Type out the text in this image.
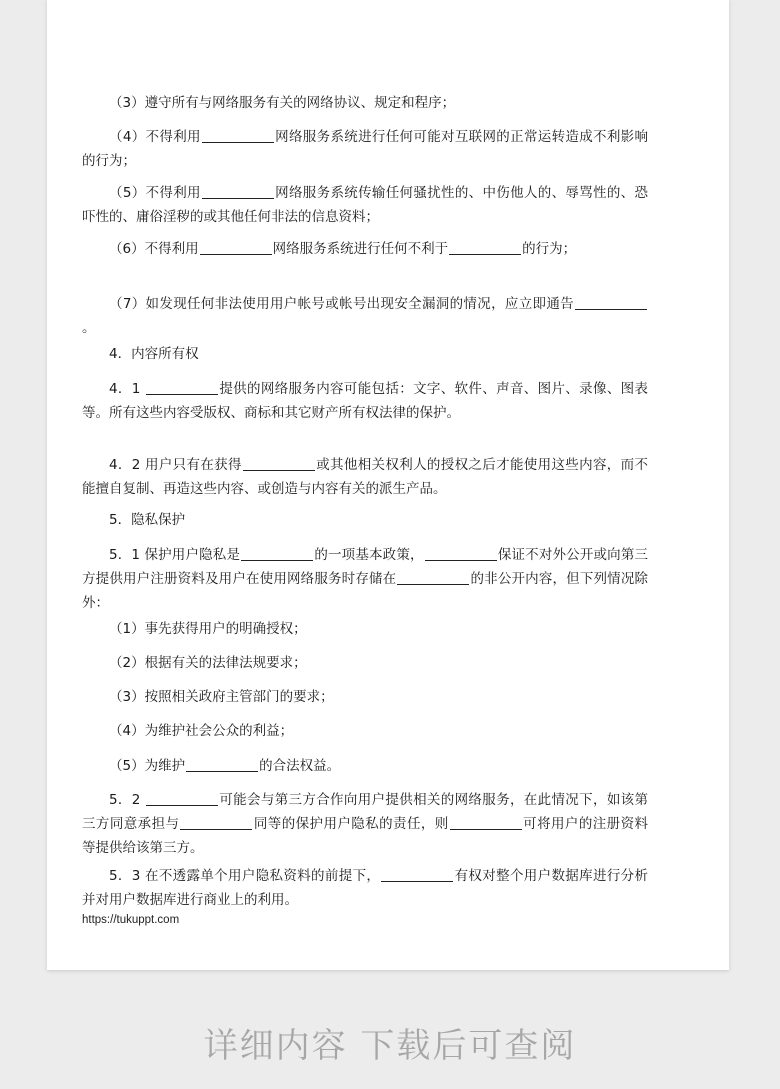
（3）遵守所有与网络服务有关的网络协议、规定和程序；
（4）不得利用	网络服务系统进行任何可能对互联网的正常运转造成不利影响的行为；
（5）不得利用	网络服务系统传输任何骚扰性的、中伤他人的、辱骂性的、恐吓性的、庸俗淫秽的或其他任何非法的信息资料；
（6）不得利用	网络服务系统进行任何不利于	的行为；
（7）如发现任何非法使用用户帐号或帐号出现安全漏洞的情况，应立即通告。
4．内容所有权
4．1	提供的网络服务内容可能包括：文字、软件、声音、图片、录像、图表等。所有这些内容受版权、商标和其它财产所有权法律的保护。
4．2 用户只有在获得	或其他相关权利人的授权之后才能使用这些内容，而不能擅自复制、再造这些内容、或创造与内容有关的派生产品。
5．隐私保护
5．1 保护用户隐私是	的一项基本政策，	保证不对外公开或向第三方提供用户注册资料及用户在使用网络服务时存储在	的非公开内容，但下列情况除外：
（1）事先获得用户的明确授权；
（2）根据有关的法律法规要求；
（3）按照相关政府主管部门的要求；
（4）为维护社会公众的利益；
（5）为维护	的合法权益。
5．2	可能会与第三方合作向用户提供相关的网络服务，在此情况下，如该第三方同意承担与	同等的保护用户隐私的责任，则	可将用户的注册资料等提供给该第三方。
5．3 在不透露单个用户隐私资料的前提下，	有权对整个用户数据库进行分析并对用户数据库进行商业上的利用。
https://tukuppt.com
详细内容 下载后可查阅
